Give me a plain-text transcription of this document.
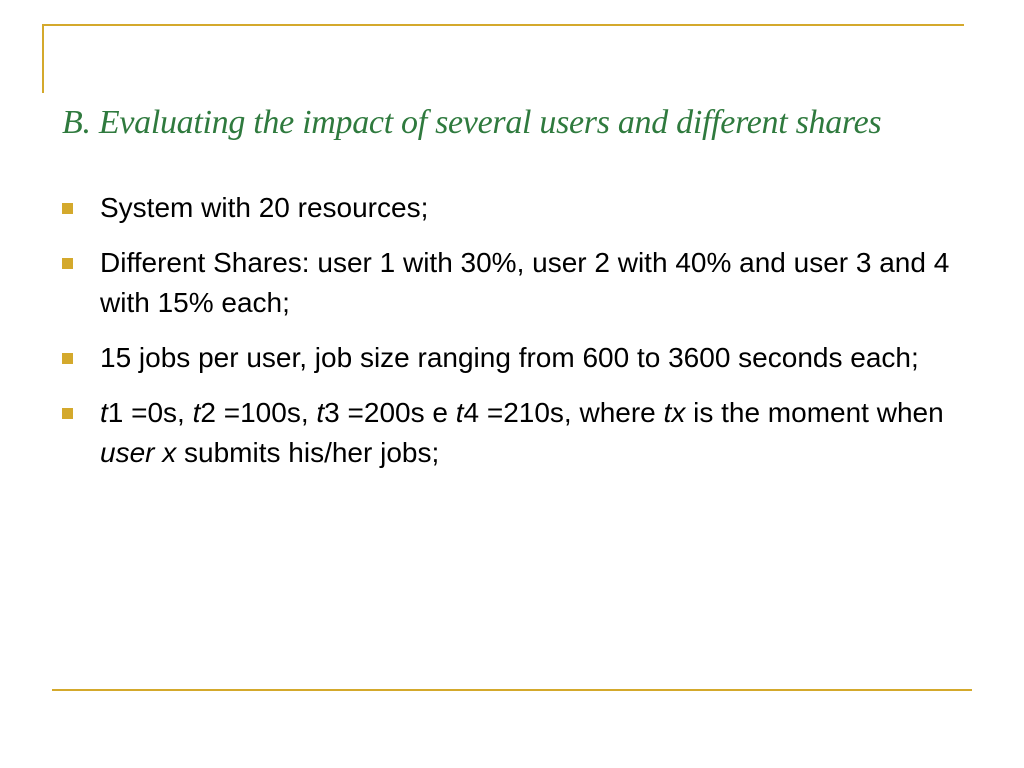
B. Evaluating the impact of several users and different shares
System with 20 resources;
Different Shares: user 1 with 30%, user 2 with 40% and user 3 and 4 with 15% each;
15 jobs per user, job size ranging from 600 to 3600 seconds each;
t1 =0s, t2 =100s, t3 =200s e t4 =210s, where tx is the moment when user x submits his/her jobs;
